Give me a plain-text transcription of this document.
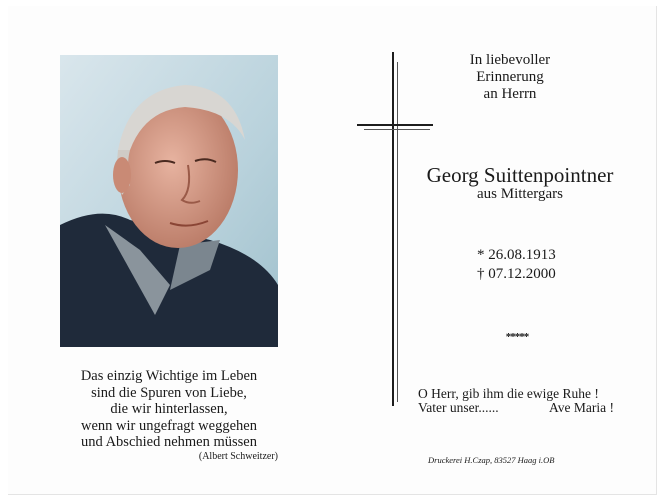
Das einzig Wichtige im Leben
sind die Spuren von Liebe,
die wir hinterlassen,
wenn wir ungefragt weggehen
und Abschied nehmen müssen
(Albert Schweitzer)
In liebevoller
Erinnerung
an Herrn
Georg Suittenpointner
aus Mittergars
* 26.08.1913
† 07.12.2000
*****
O Herr, gib ihm die ewige Ruhe !
Vater unser......	Ave Maria !
Druckerei H.Czap, 83527 Haag i.OB
